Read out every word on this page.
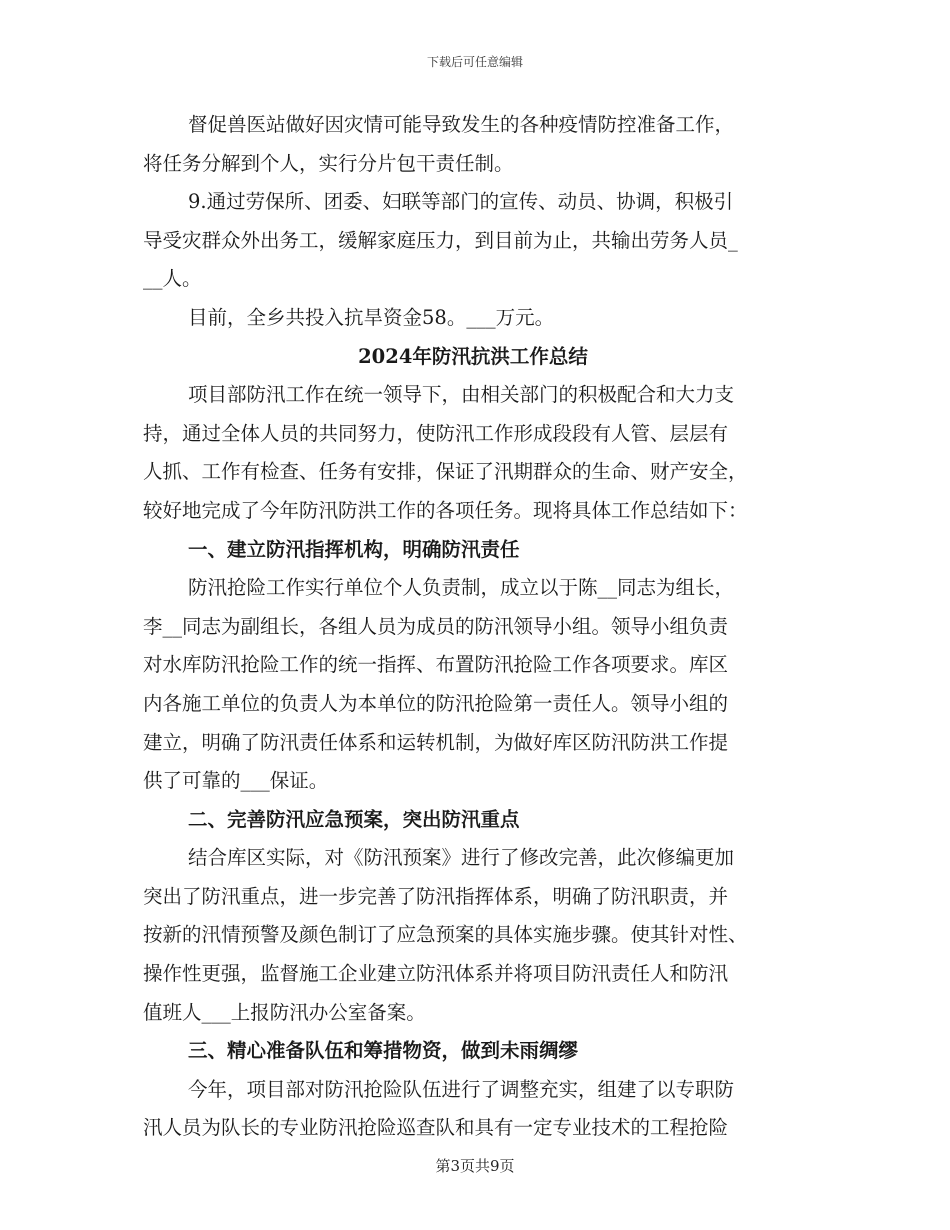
下载后可任意编辑
督促兽医站做好因灾情可能导致发生的各种疫情防控准备工作，
将任务分解到个人，实行分片包干责任制。
9.通过劳保所、团委、妇联等部门的宣传、动员、协调，积极引
导受灾群众外出务工，缓解家庭压力，到目前为止，共输出劳务人员_
__人。
目前，全乡共投入抗旱资金58。___万元。
2024年防汛抗洪工作总结
项目部防汛工作在统一领导下，由相关部门的积极配合和大力支
持，通过全体人员的共同努力，使防汛工作形成段段有人管、层层有
人抓、工作有检查、任务有安排，保证了汛期群众的生命、财产安全，
较好地完成了今年防汛防洪工作的各项任务。现将具体工作总结如下：
一、建立防汛指挥机构，明确防汛责任
防汛抢险工作实行单位个人负责制，成立以于陈__同志为组长，
李__同志为副组长，各组人员为成员的防汛领导小组。领导小组负责
对水库防汛抢险工作的统一指挥、布置防汛抢险工作各项要求。库区
内各施工单位的负责人为本单位的防汛抢险第一责任人。领导小组的
建立，明确了防汛责任体系和运转机制，为做好库区防汛防洪工作提
供了可靠的___保证。
二、完善防汛应急预案，突出防汛重点
结合库区实际，对《防汛预案》进行了修改完善，此次修编更加
突出了防汛重点，进一步完善了防汛指挥体系，明确了防汛职责，并
按新的汛情预警及颜色制订了应急预案的具体实施步骤。使其针对性、
操作性更强，监督施工企业建立防汛体系并将项目防汛责任人和防汛
值班人___上报防汛办公室备案。
三、精心准备队伍和筹措物资，做到未雨绸缪
今年，项目部对防汛抢险队伍进行了调整充实，组建了以专职防
汛人员为队长的专业防汛抢险巡查队和具有一定专业技术的工程抢险
第3页共9页
